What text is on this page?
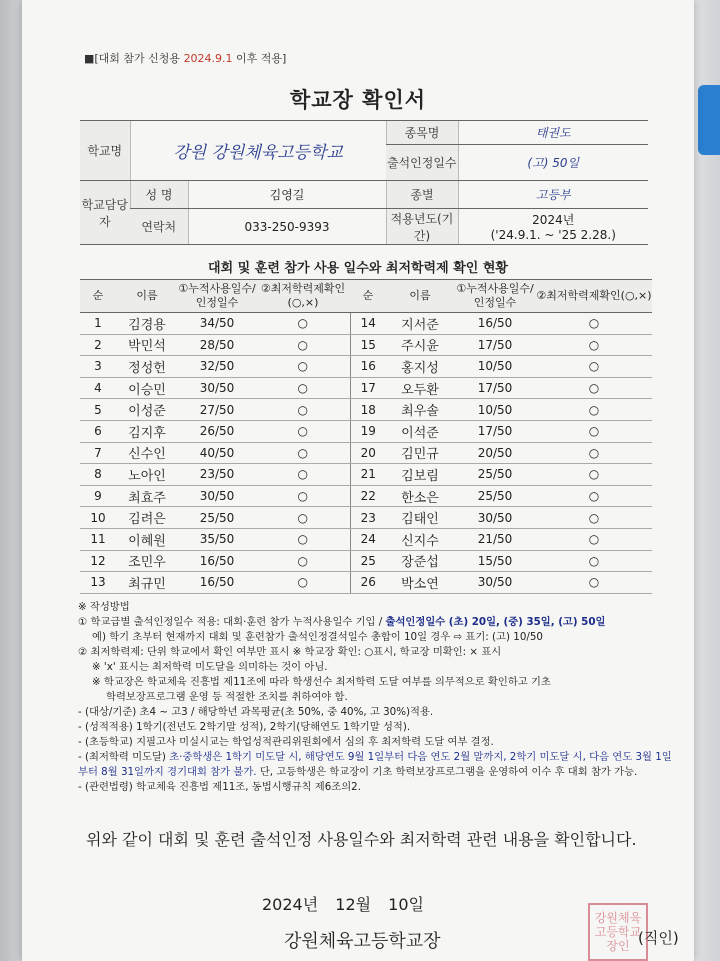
■[대회 참가 신청용 2024.9.1 이후 적용]
학교장 확인서
학교명	강원 강원체육고등학교		종목명	태권도
			출석인정일수	(고) 50일
학교담당자	성 명	김영길	종별	고등부
	연락처	033-250-9393	적용년도(기간)	2024년
('24.9.1. ~ '25 2.28.)
대회 및 훈련 참가 사용 일수와 최저학력제 확인 현황
순	이름	①누적사용일수/인정일수	②최저학력제확인(○,×)	순	이름	①누적사용일수/인정일수	②최저학력제확인(○,×)
1	김경용	34/50	○	14	지서준	16/50	○
2	박민석	28/50	○	15	주시윤	17/50	○
3	정성헌	32/50	○	16	홍지성	10/50	○
4	이승민	30/50	○	17	오두환	17/50	○
5	이성준	27/50	○	18	최우솔	10/50	○
6	김지후	26/50	○	19	이석준	17/50	○
7	신수인	40/50	○	20	김민규	20/50	○
8	노아인	23/50	○	21	김보림	25/50	○
9	최효주	30/50	○	22	한소은	25/50	○
10	김려은	25/50	○	23	김태인	30/50	○
11	이혜원	35/50	○	24	신지수	21/50	○
12	조민우	16/50	○	25	장준섭	15/50	○
13	최규민	16/50	○	26	박소연	30/50	○

※ 작성방법

① 학교급별 출석인정일수 적용: 대회·훈련 참가 누적사용일수 기입 / 출석인정일수 (초) 20일, (중) 35일, (고) 50일

예) 학기 초부터 현재까지 대회 및 훈련참가 출석인정결석일수 총합이 10일 경우 ⇨ 표기: (고) 10/50

② 최저학력제: 단위 학교에서 확인 여부만 표시 ※ 학교장 확인: ○표시, 학교장 미확인: × 표시

※ 'x' 표시는 최저학력 미도달을 의미하는 것이 아님.

※ 학교장은 학교체육 진흥법 제11조에 따라 학생선수 최저학력 도달 여부를 의무적으로 확인하고 기초

학력보장프로그램 운영 등 적절한 조치를 취하여야 함.

- (대상/기준) 초4 ~ 고3 / 해당학년 과목평균(초 50%, 중 40%, 고 30%)적용.

- (성적적용) 1학기(전년도 2학기말 성적), 2학기(당해연도 1학기말 성적).

- (초등학교) 지필고사 미실시교는 학업성적관리위원회에서 심의 후 최저학력 도달 여부 결정.

- (최저학력 미도달) 초·중학생은 1학기 미도달 시, 해당연도 9월 1일부터 다음 연도 2월 말까지, 2학기 미도달 시, 다음 연도 3월 1일부터 8월 31일까지 경기대회 참가 불가. 단, 고등학생은 학교장이 기초 학력보장프로그램을 운영하여 이수 후 대회 참가 가능.

- (관련법령) 학교체육 진흥법 제11조, 동법시행규칙 제6조의2.

위와 같이 대회 및 훈련 출석인정 사용일수와 최저학력 관련 내용을 확인합니다.
2024년 12월 10일
강원체육고등학교장
강원체육고등학교장인 (직인)
